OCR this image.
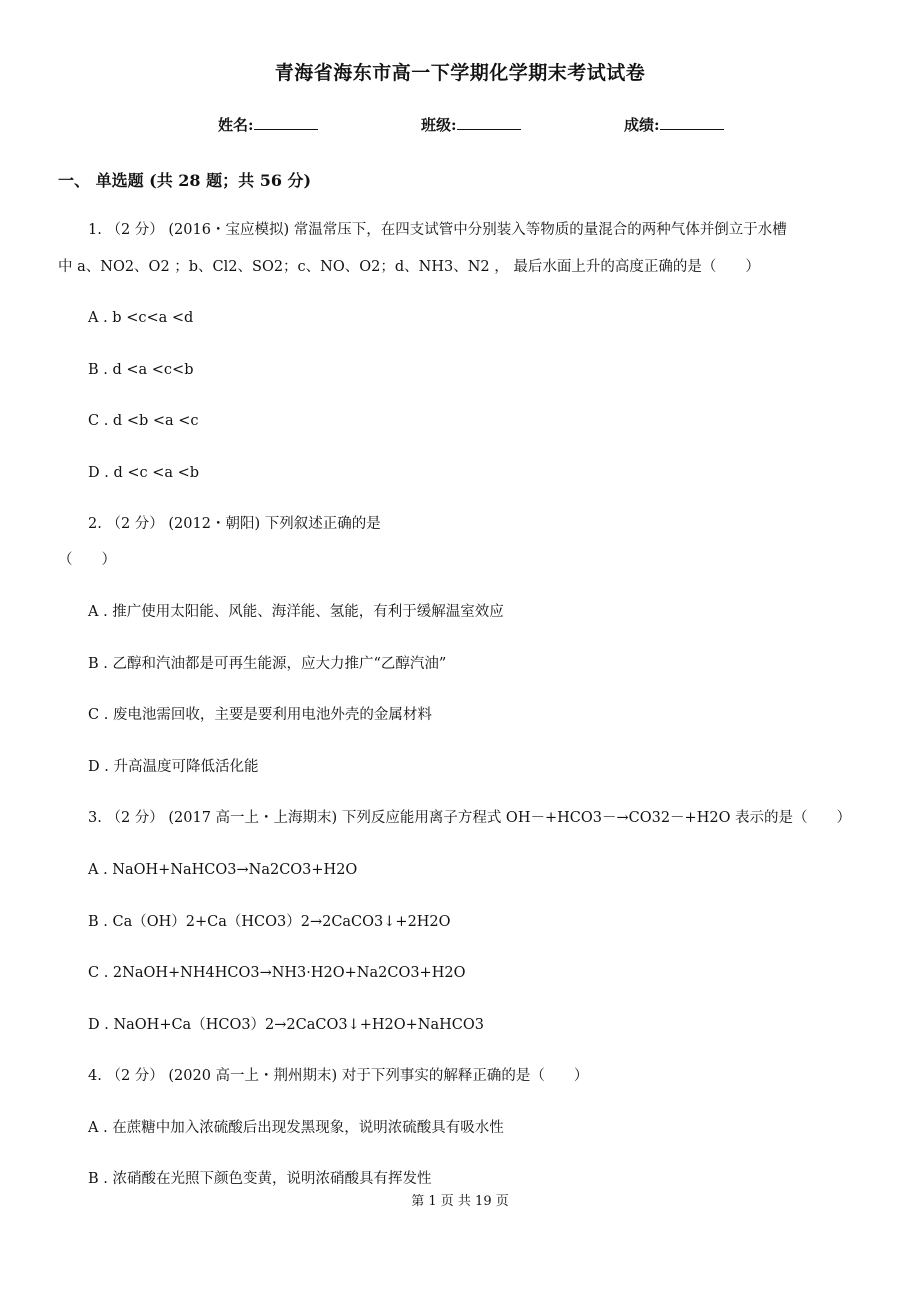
青海省海东市高一下学期化学期末考试试卷
姓名:	班级:	成绩:
一、 单选题 (共 28 题；共 56 分)
1. （2 分） (2016・宝应模拟) 常温常压下，在四支试管中分别装入等物质的量混合的两种气体并倒立于水槽
中 a、NO2、O2 ；b、Cl2、SO2；c、NO、O2；d、NH3、N2 ， 最后水面上升的高度正确的是（　　）
A . b <c<a <d
B . d <a <c<b
C . d <b <a <c
D . d <c <a <b
2. （2 分） (2012・朝阳) 下列叙述正确的是
（　　）
A . 推广使用太阳能、风能、海洋能、氢能，有利于缓解温室效应
B . 乙醇和汽油都是可再生能源，应大力推广“乙醇汽油”
C . 废电池需回收，主要是要利用电池外壳的金属材料
D . 升高温度可降低活化能
3. （2 分） (2017 高一上・上海期末) 下列反应能用离子方程式 OH－+HCO3－→CO32－+H2O 表示的是（　　）
A . NaOH+NaHCO3→Na2CO3+H2O
B . Ca（OH）2+Ca（HCO3）2→2CaCO3↓+2H2O
C . 2NaOH+NH4HCO3→NH3·H2O+Na2CO3+H2O
D . NaOH+Ca（HCO3）2→2CaCO3↓+H2O+NaHCO3
4. （2 分） (2020 高一上・荆州期末) 对于下列事实的解释正确的是（　　）
A . 在蔗糖中加入浓硫酸后出现发黑现象，说明浓硫酸具有吸水性
B . 浓硝酸在光照下颜色变黄，说明浓硝酸具有挥发性
第 1 页 共 19 页
